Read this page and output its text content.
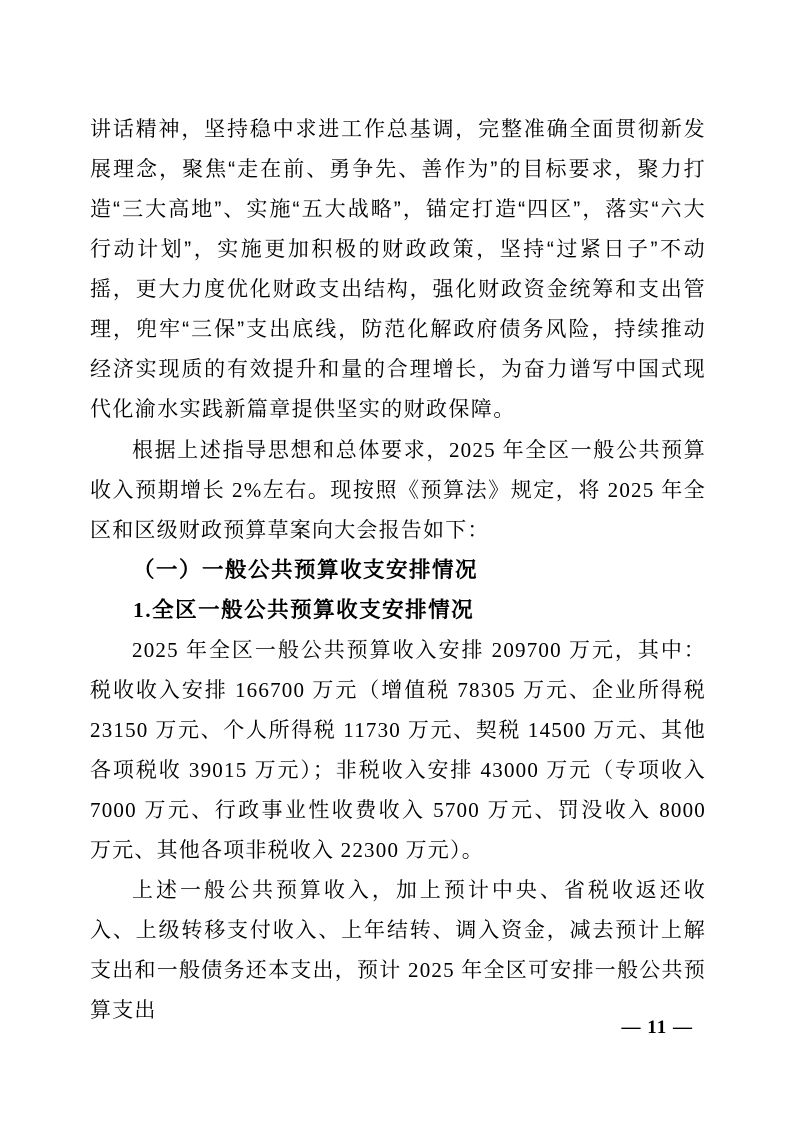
讲话精神，坚持稳中求进工作总基调，完整准确全面贯彻新发展理念，聚焦“走在前、勇争先、善作为”的目标要求，聚力打造“三大高地”、实施“五大战略”，锚定打造“四区”，落实“六大行动计划”，实施更加积极的财政政策，坚持“过紧日子”不动摇，更大力度优化财政支出结构，强化财政资金统筹和支出管理，兜牢“三保”支出底线，防范化解政府债务风险，持续推动经济实现质的有效提升和量的合理增长，为奋力谱写中国式现代化渝水实践新篇章提供坚实的财政保障。

根据上述指导思想和总体要求，2025 年全区一般公共预算收入预期增长 2%左右。现按照《预算法》规定，将 2025 年全区和区级财政预算草案向大会报告如下：

（一）一般公共预算收支安排情况
1.全区一般公共预算收支安排情况

2025 年全区一般公共预算收入安排 209700 万元，其中：税收收入安排 166700 万元（增值税 78305 万元、企业所得税 23150 万元、个人所得税 11730 万元、契税 14500 万元、其他各项税收 39015 万元）；非税收入安排 43000 万元（专项收入 7000 万元、行政事业性收费收入 5700 万元、罚没收入 8000 万元、其他各项非税收入 22300 万元）。

上述一般公共预算收入，加上预计中央、省税收返还收入、上级转移支付收入、上年结转、调入资金，减去预计上解支出和一般债务还本支出，预计 2025 年全区可安排一般公共预算支出

— 11 —
